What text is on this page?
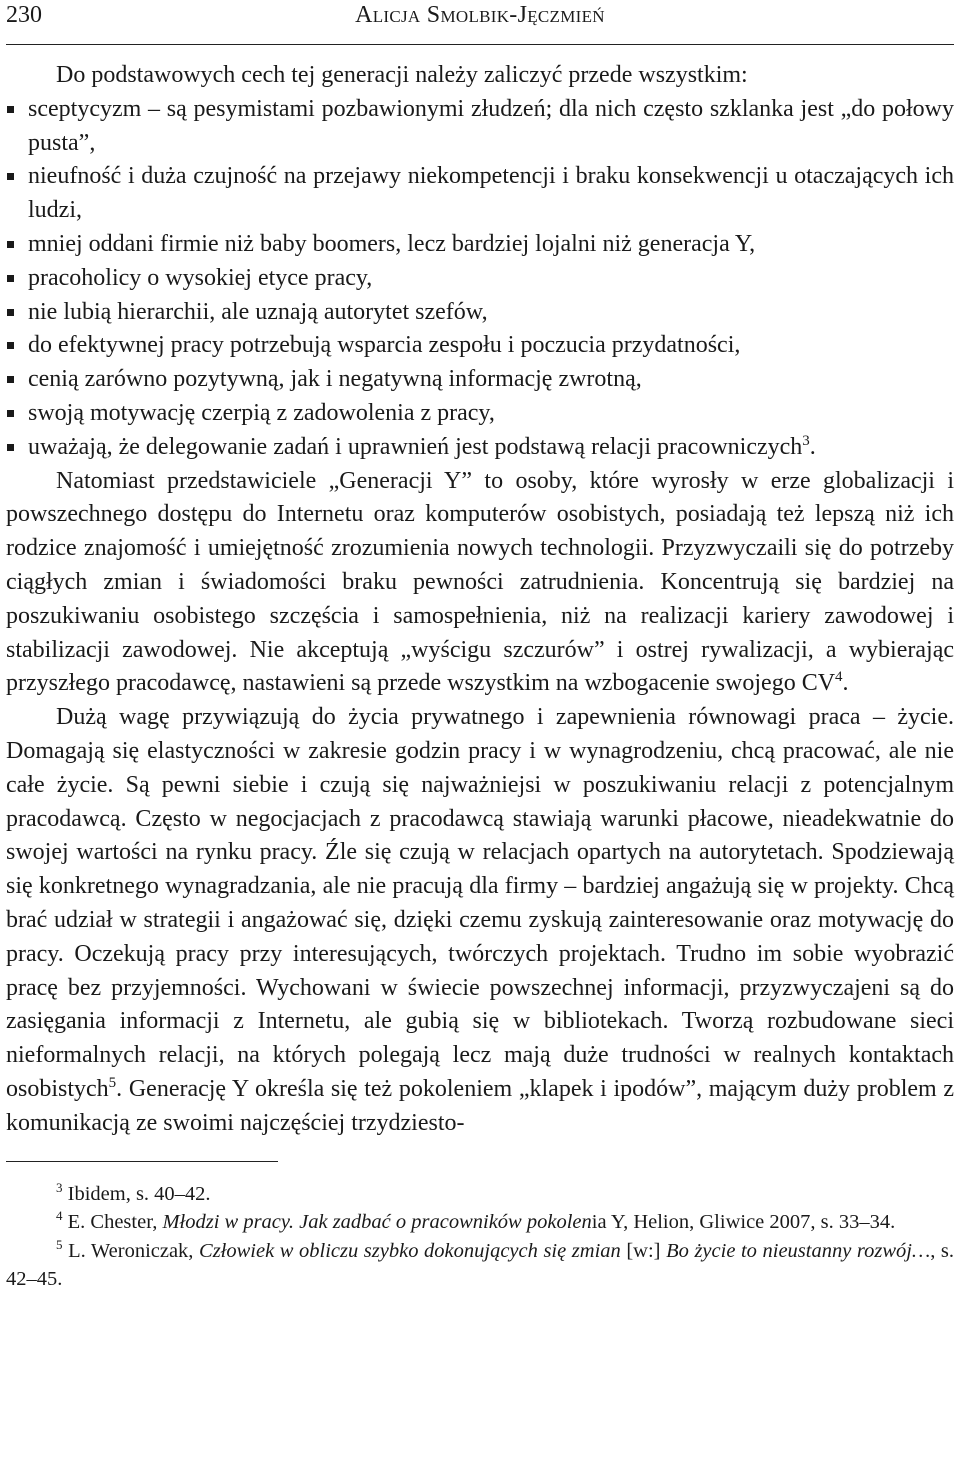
230	Alicja Smolbik-Jęczmień

Do podstawowych cech tej generacji należy zaliczyć przede wszystkim:

sceptycyzm – są pesymistami pozbawionymi złudzeń; dla nich często szklanka jest „do połowy pusta”,
nieufność i duża czujność na przejawy niekompetencji i braku konsekwencji u otaczających ich ludzi,
mniej oddani firmie niż baby boomers, lecz bardziej lojalni niż generacja Y,
pracoholicy o wysokiej etyce pracy,
nie lubią hierarchii, ale uznają autorytet szefów,
do efektywnej pracy potrzebują wsparcia zespołu i poczucia przydatności,
cenią zarówno pozytywną, jak i negatywną informację zwrotną,
swoją motywację czerpią z zadowolenia z pracy,
uważają, że delegowanie zadań i uprawnień jest podstawą relacji pracowniczych$^3$.

Natomiast przedstawiciele „Generacji Y” to osoby, które wyrosły w erze globalizacji i powszechnego dostępu do Internetu oraz komputerów osobistych, posiadają też lepszą niż ich rodzice znajomość i umiejętność zrozumienia nowych technologii. Przyzwyczaili się do potrzeby ciągłych zmian i świadomości braku pewności zatrudnienia. Koncentrują się bardziej na poszukiwaniu osobistego szczęścia i samospełnienia, niż na realizacji kariery zawodowej i stabilizacji zawodowej. Nie akceptują „wyścigu szczurów” i ostrej rywalizacji, a wybierając przyszłego pracodawcę, nastawieni są przede wszystkim na wzbogacenie swojego $CV^4$.

Dużą wagę przywiązują do życia prywatnego i zapewnienia równowagi praca – życie. Domagają się elastyczności w zakresie godzin pracy i w wynagrodzeniu, chcą pracować, ale nie całe życie. Są pewni siebie i czują się najważniejsi w poszukiwaniu relacji z potencjalnym pracodawcą. Często w negocjacjach z pracodawcą stawiają warunki płacowe, nieadekwatnie do swojej wartości na rynku pracy. Źle się czują w relacjach opartych na autorytetach. Spodziewają się konkretnego wynagradzania, ale nie pracują dla firmy – bardziej angażują się w projekty. Chcą brać udział w strategii i angażować się, dzięki czemu zyskują zainteresowanie oraz motywację do pracy. Oczekują pracy przy interesujących, twórczych projektach. Trudno im sobie wyobrazić pracę bez przyjemności. Wychowani w świecie powszechnej informacji, przyzwyczajeni są do zasięgania informacji z Internetu, ale gubią się w bibliotekach. Tworzą rozbudowane sieci nieformalnych relacji, na których polegają lecz mają duże trudności w realnych kontaktach osobistych$^5$. Generację Y określa się też pokoleniem „klapek i ipodów”, mającym duży problem z komunikacją ze swoimi najczęściej trzydziesto-

$^3$ Ibidem, s. 40–42.

$^4$ E. Chester, Młodzi w pracy. Jak zadbać o pracowników pokolenia Y, Helion, Gliwice 2007, s. 33–34.

$^5$ L. Weroniczak, Człowiek w obliczu szybko dokonujących się zmian [w:] Bo życie to nieustanny rozwój…, s. 42–45.
